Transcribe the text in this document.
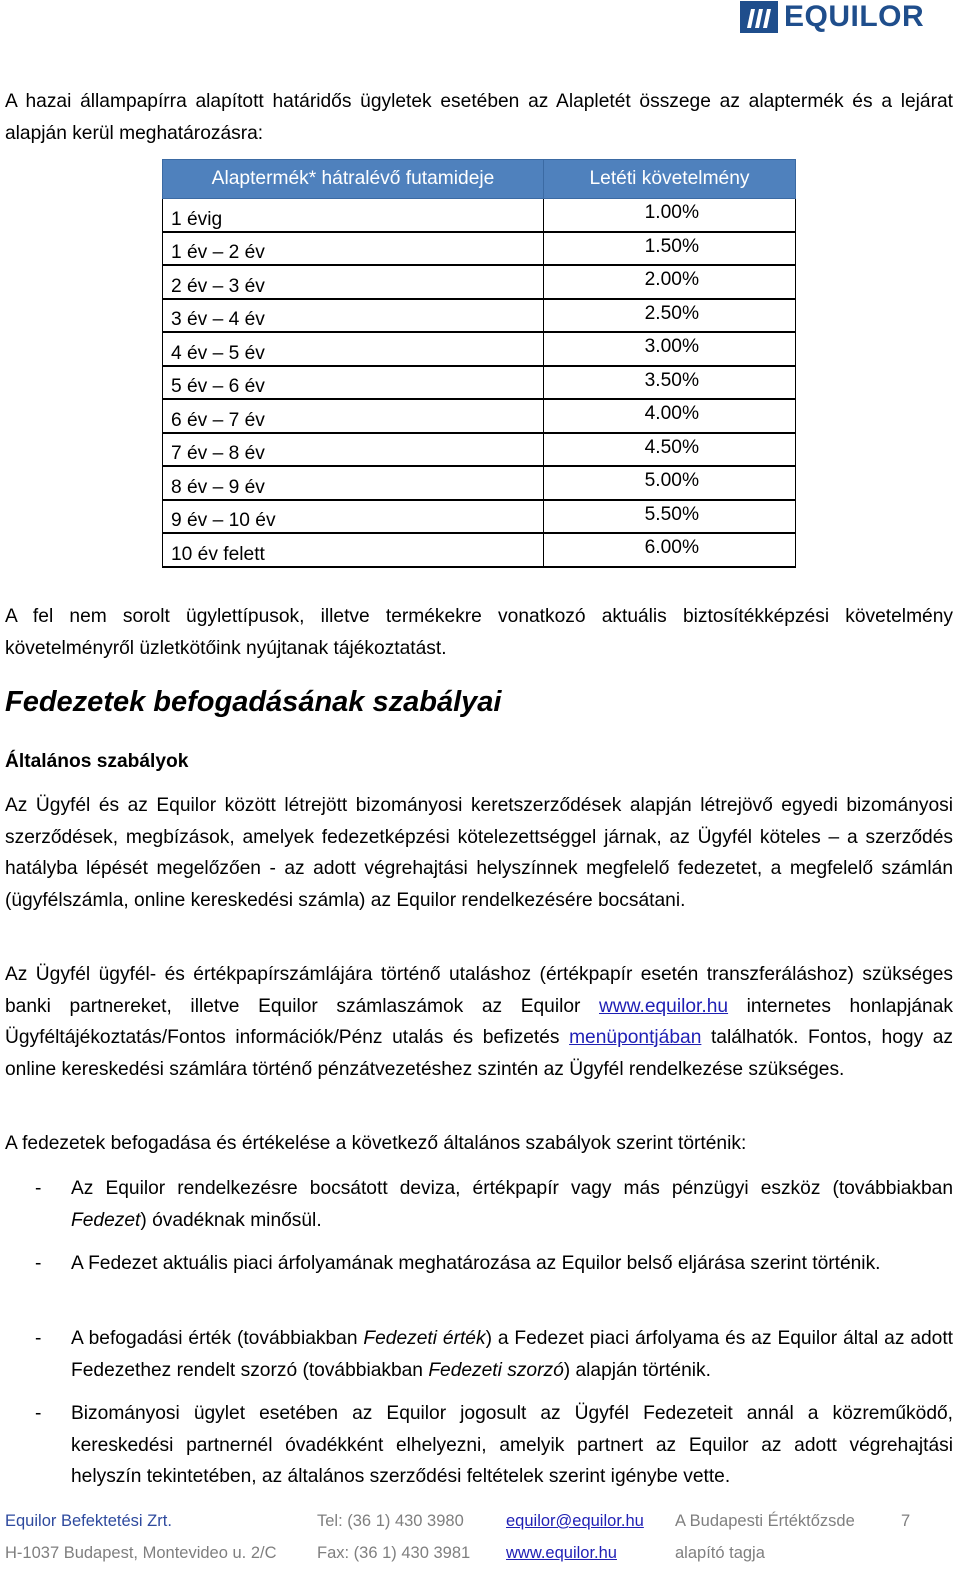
EQUILOR

A hazai állampapírra alapított határidős ügyletek esetében az Alapletét összege az alaptermék és a lejárat alapján kerül meghatározásra:

Alaptermék* hátralévő futamideje	Letéti követelmény
1 évig	1.00%
1 év – 2 év	1.50%
2 év – 3 év	2.00%
3 év – 4 év	2.50%
4 év – 5 év	3.00%
5 év – 6 év	3.50%
6 év – 7 év	4.00%
7 év – 8 év	4.50%
8 év – 9 év	5.00%
9 év – 10 év	5.50%
10 év felett	6.00%

A fel nem sorolt ügylettípusok, illetve termékekre vonatkozó aktuális biztosítékképzési követelmény követelményről üzletkötőink nyújtanak tájékoztatást.

Fedezetek befogadásának szabályai
Általános szabályok

Az Ügyfél és az Equilor között létrejött bizományosi keretszerződések alapján létrejövő egyedi bizományosi szerződések, megbízások, amelyek fedezetképzési kötelezettséggel járnak, az Ügyfél köteles – a szerződés hatályba lépését megelőzően - az adott végrehajtási helyszínnek megfelelő fedezetet, a megfelelő számlán (ügyfélszámla, online kereskedési számla) az Equilor rendelkezésére bocsátani.

Az Ügyfél ügyfél- és értékpapírszámlájára történő utaláshoz (értékpapír esetén transzferáláshoz) szükséges banki partnereket, illetve Equilor számlaszámok az Equilor www.equilor.hu internetes honlapjának Ügyféltájékoztatás/Fontos információk/Pénz utalás és befizetés menüpontjában találhatók. Fontos, hogy az online kereskedési számlára történő pénzátvezetéshez szintén az Ügyfél rendelkezése szükséges.

A fedezetek befogadása és értékelése a következő általános szabályok szerint történik:

- Az Equilor rendelkezésre bocsátott deviza, értékpapír vagy más pénzügyi eszköz (továbbiakban Fedezet) óvadéknak minősül.
- A Fedezet aktuális piaci árfolyamának meghatározása az Equilor belső eljárása szerint történik.
- A befogadási érték (továbbiakban Fedezeti érték) a Fedezet piaci árfolyama és az Equilor által az adott Fedezethez rendelt szorzó (továbbiakban Fedezeti szorzó) alapján történik.
- Bizományosi ügylet esetében az Equilor jogosult az Ügyfél Fedezeteit annál a közreműködő, kereskedési partnernél óvadékként elhelyezni, amelyik partnert az Equilor az adott végrehajtási helyszín tekintetében, az általános szerződési feltételek szerint igénybe vette.
Equilor Befektetési Zrt.
H-1037 Budapest, Montevideo u. 2/C
Tel: (36 1) 430 3980
Fax: (36 1) 430 3981
equilor@equilor.hu
www.equilor.hu
A Budapesti Értéktőzsde
alapító tagja
7
